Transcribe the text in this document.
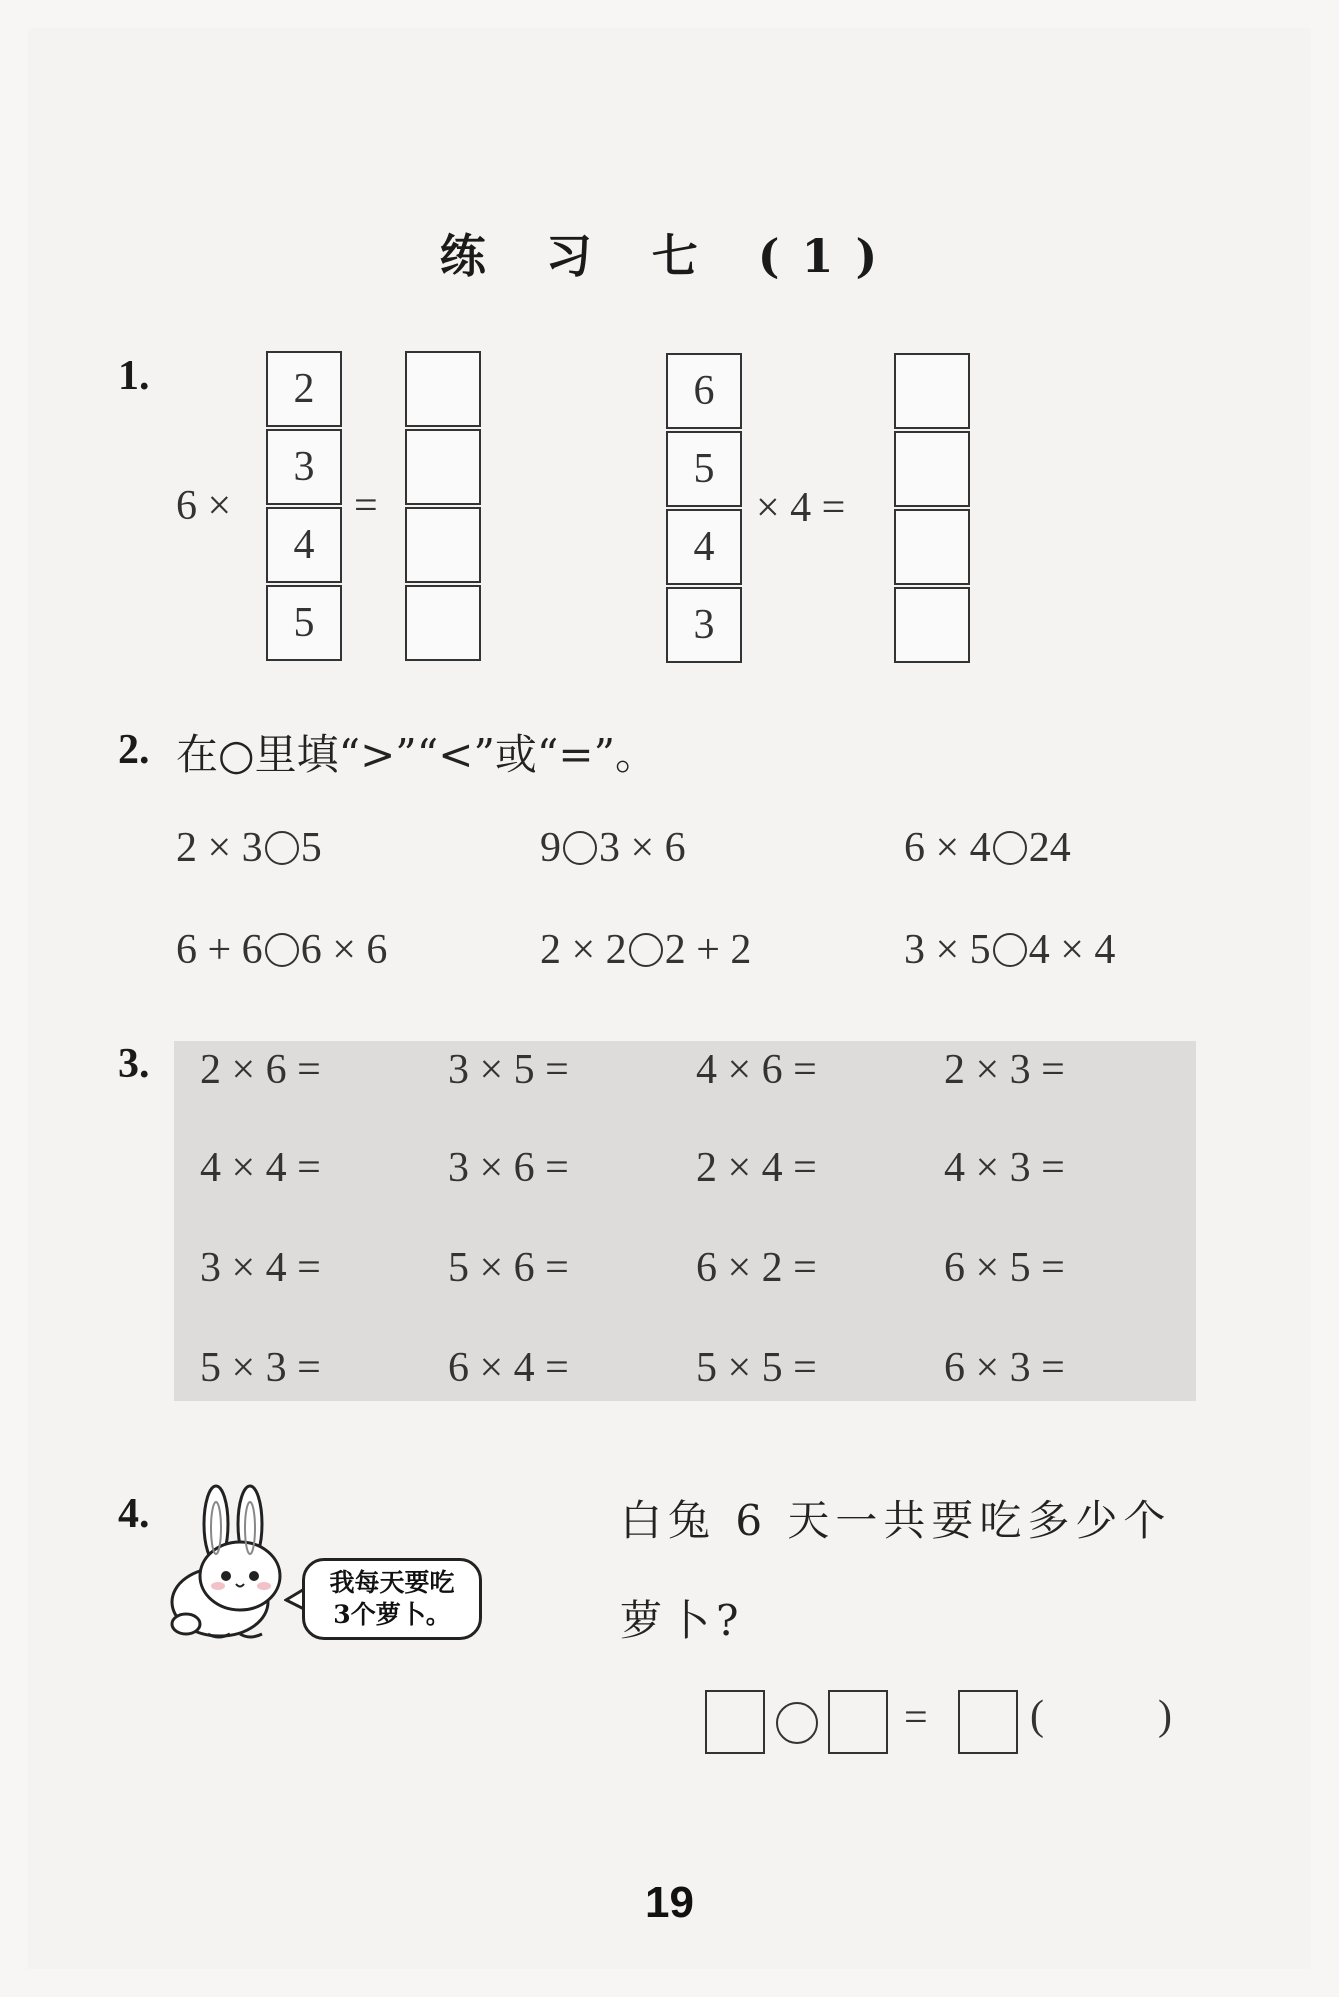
练 习 七 (1)
1.
6 ×
2
3
4
5
=
6
5
4
3
× 4 =
2. 在○里填“>”“<”或“=”。
2 × 3 5	9 3 × 6	6 × 4 24
6 + 6 6 × 6	2 × 2 2 + 2	3 × 5 4 × 4
3. 2 × 6 =	3 × 5 =	4 × 6 =	2 × 3 =
4 × 4 =	3 × 6 =	2 × 4 =	4 × 3 =
3 × 4 =	5 × 6 =	6 × 2 =	6 × 5 =
5 × 3 =	6 × 4 =	5 × 5 =	6 × 3 =
4.
我每天要吃
3个萝卜。
白兔 6 天一共要吃多少个
萝卜?
= (	)
19
